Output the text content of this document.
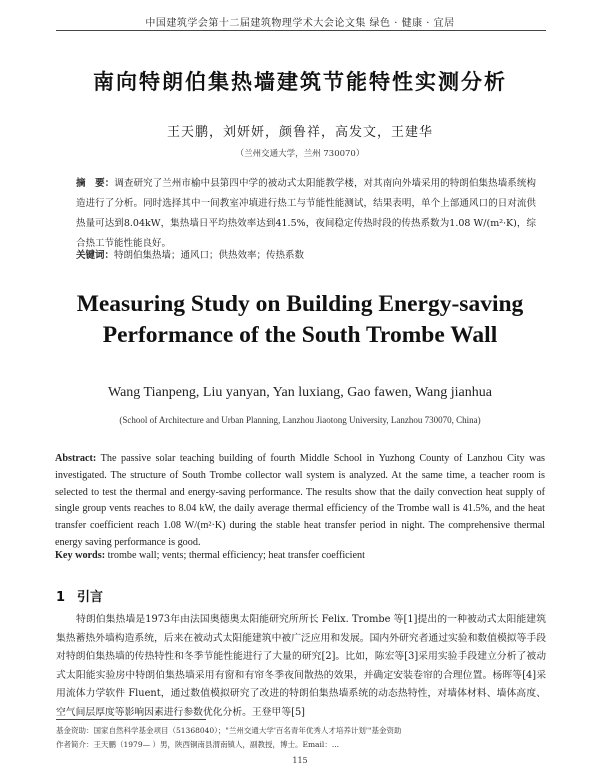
中国建筑学会第十二届建筑物理学术大会论文集 绿色 · 健康 · 宜居
南向特朗伯集热墙建筑节能特性实测分析
王天鹏，刘妍妍，颜鲁祥，高发文，王建华
（兰州交通大学，兰州 730070）
摘　要：调查研究了兰州市榆中县第四中学的被动式太阳能教学楼，对其南向外墙采用的特朗伯集热墙系统构造进行了分析。同时选择其中一间教室冲填进行热工与节能性能测试，结果表明，单个上部通风口的日对流供热量可达到8.04kW，集热墙日平均热效率达到41.5%，夜间稳定传热时段的传热系数为1.08 W/(m²·K)，综合热工节能性能良好。
关键词：特朗伯集热墙；通风口；供热效率；传热系数
Measuring Study on Building Energy-saving
Performance of the South Trombe Wall
Wang Tianpeng, Liu yanyan, Yan luxiang, Gao fawen, Wang jianhua
(School of Architecture and Urban Planning, Lanzhou Jiaotong University, Lanzhou 730070, China)
Abstract: The passive solar teaching building of fourth Middle School in Yuzhong County of Lanzhou City was investigated. The structure of South Trombe collector wall system is analyzed. At the same time, a teacher room is selected to test the thermal and energy-saving performance. The results show that the daily convection heat supply of single group vents reaches to 8.04 kW, the daily average thermal efficiency of the Trombe wall is 41.5%, and the heat transfer coefficient reach 1.08 W/(m²·K) during the stable heat transfer period in night. The comprehensive thermal energy saving performance is good.
Key words: trombe wall; vents; thermal efficiency; heat transfer coefficient
1 引言
特朗伯集热墙是1973年由法国奥德奥太阳能研究所所长 Felix. Trombe 等[1]提出的一种被动式太阳能建筑集热蓄热外墙构造系统，后来在被动式太阳能建筑中被广泛应用和发展。国内外研究者通过实验和数值模拟等手段对特朗伯集热墙的传热特性和冬季节能性能进行了大量的研究[2]。比如，陈宏等[3]采用实验手段建立分析了被动式太阳能实验房中特朗伯集热墙采用有窗和有帘冬季夜间散热的效果，并确定安装卷帘的合理位置。杨晖等[4]采用流体力学软件 Fluent，通过数值模拟研究了改进的特朗伯集热墙系统的动态热特性，对墙体材料、墙体高度、空气间层厚度等影响因素进行参数优化分析。王登甲等[5]
基金资助：国家自然科学基金项目（51368040）；"兰州交通大学'百名青年优秀人才培养计划'"基金资助
作者简介：王天鹏（1979— ）男，陕西铜南县渭南镇人，副教授，博士。Email：...
115
